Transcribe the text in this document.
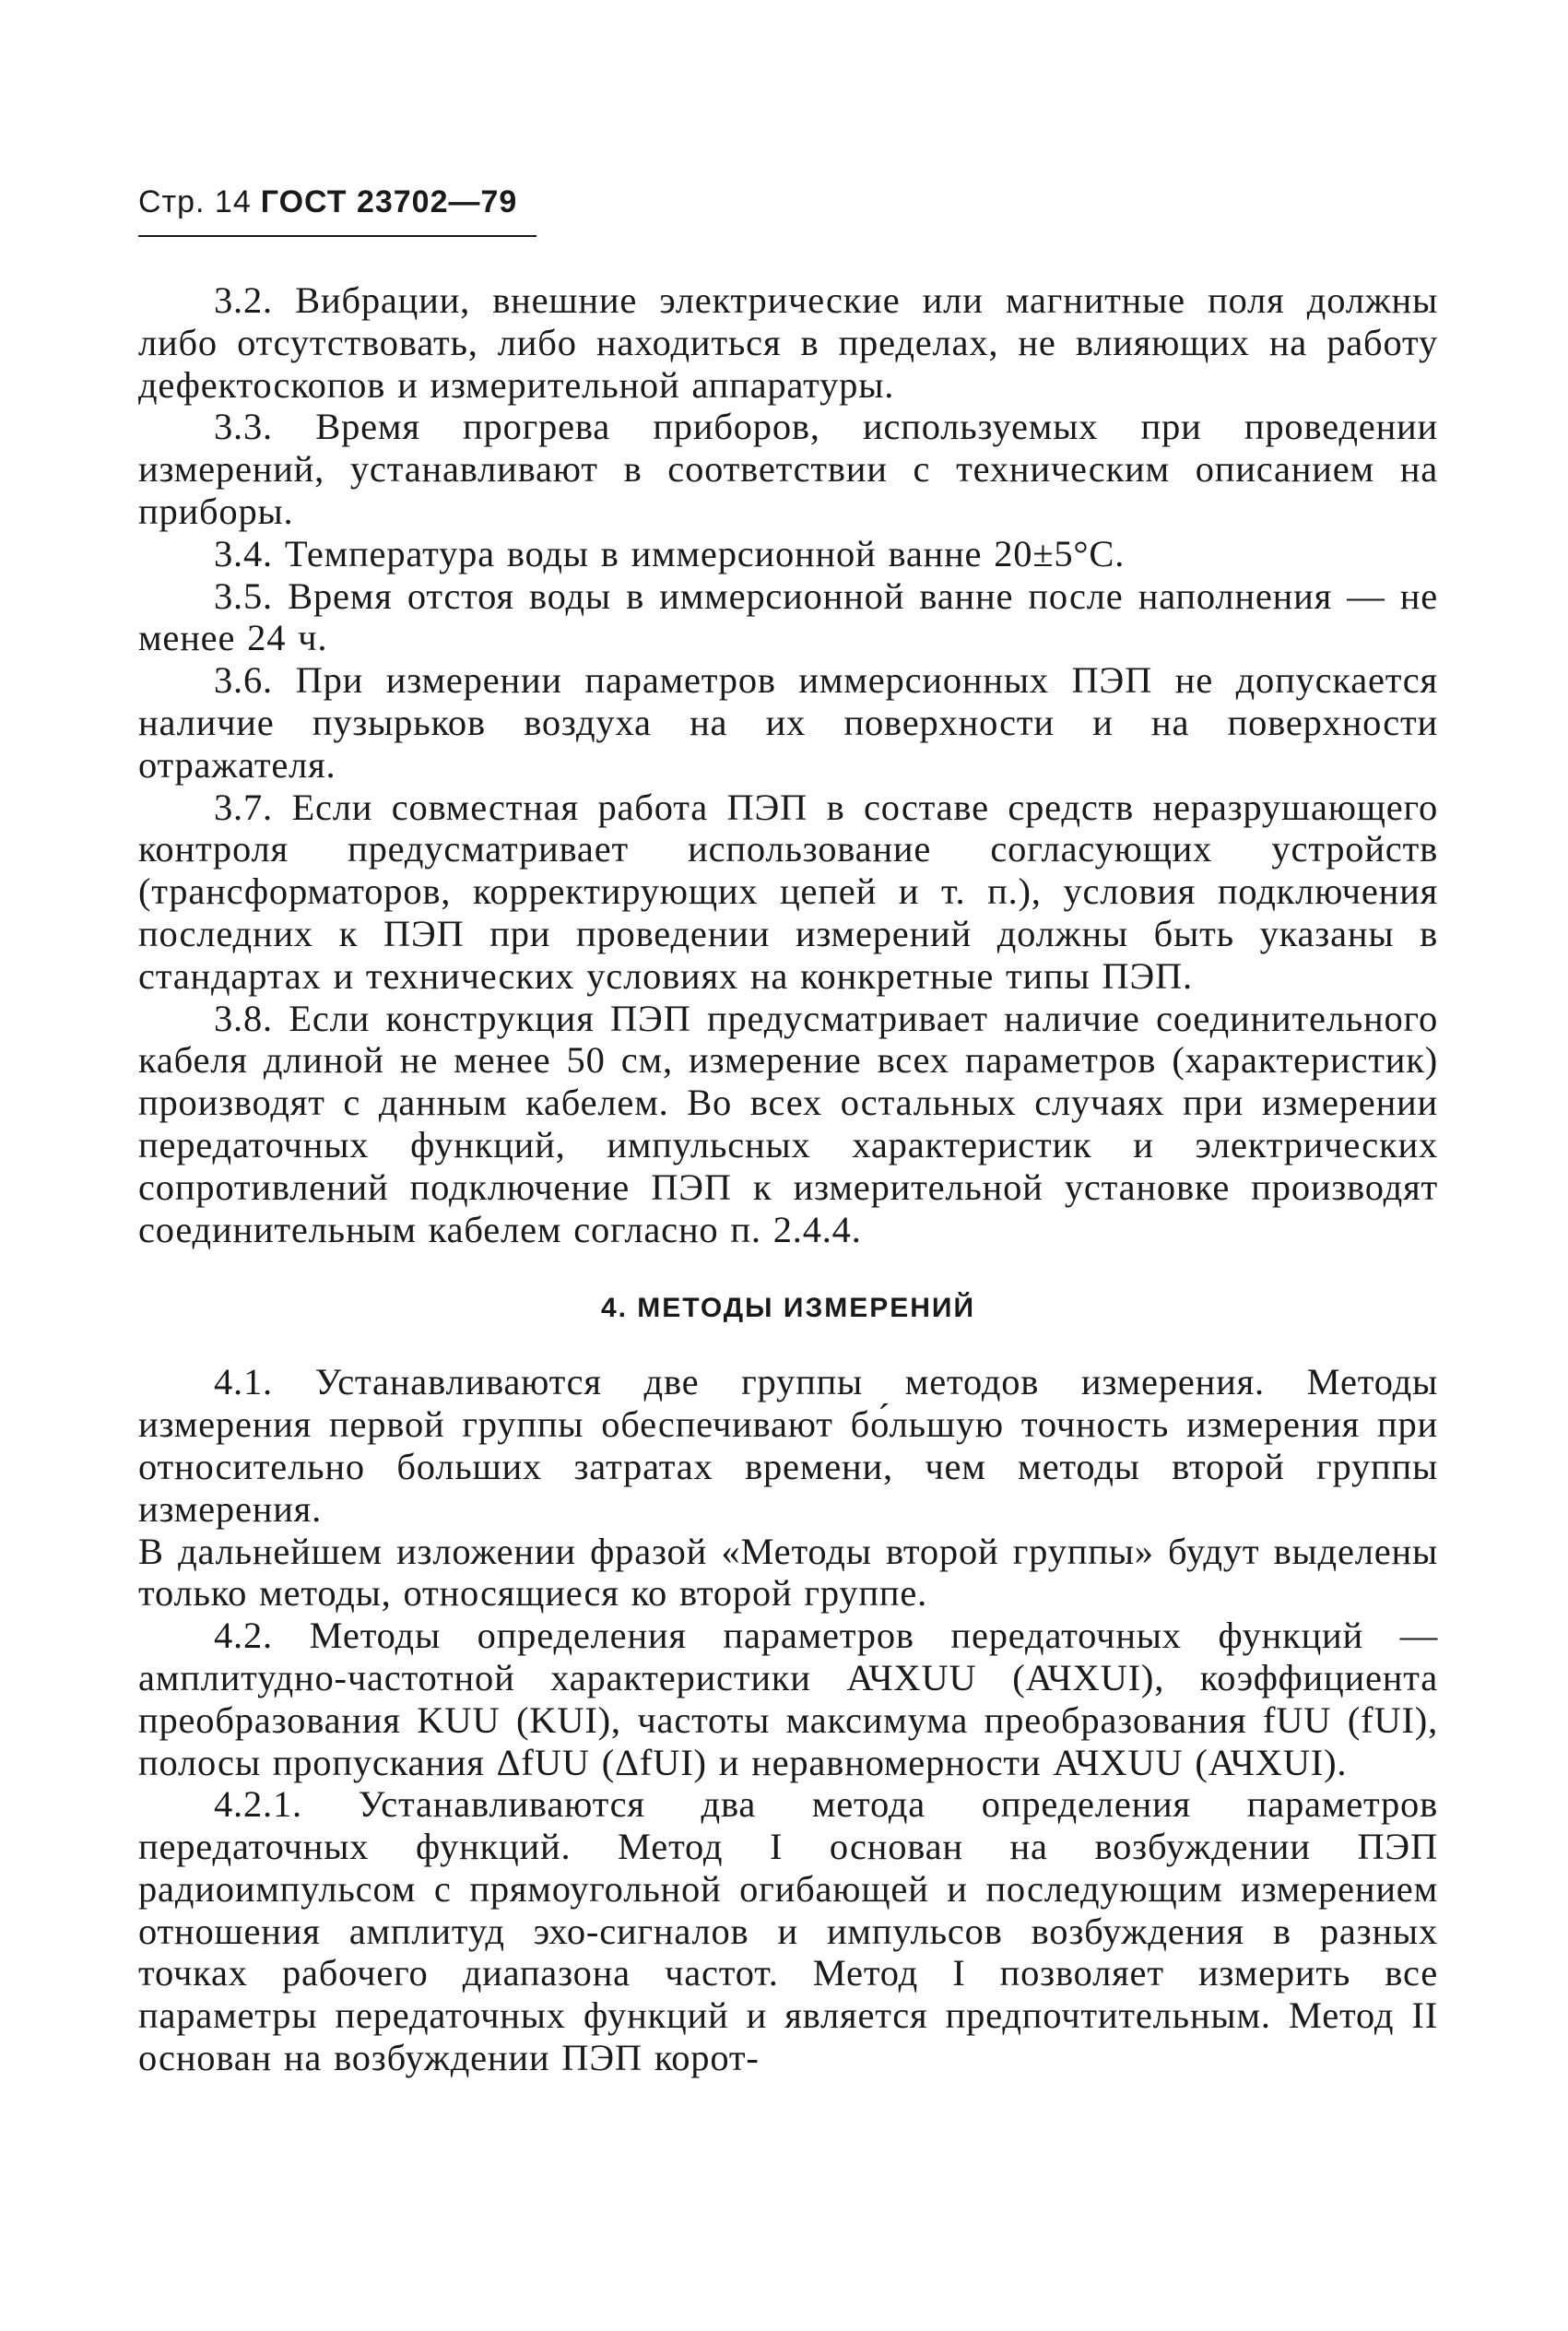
Стр. 14 ГОСТ 23702—79

3.2. Вибрации, внешние электрические или магнитные поля должны либо отсутствовать, либо находиться в пределах, не влияющих на работу дефектоскопов и измерительной аппаратуры.

3.3. Время прогрева приборов, используемых при проведении измерений, устанавливают в соответствии с техническим описанием на приборы.

3.4. Температура воды в иммерсионной ванне 20±5°С.

3.5. Время отстоя воды в иммерсионной ванне после наполнения — не менее 24 ч.

3.6. При измерении параметров иммерсионных ПЭП не допускается наличие пузырьков воздуха на их поверхности и на поверхности отражателя.

3.7. Если совместная работа ПЭП в составе средств неразрушающего контроля предусматривает использование согласующих устройств (трансформаторов, корректирующих цепей и т. п.), условия подключения последних к ПЭП при проведении измерений должны быть указаны в стандартах и технических условиях на конкретные типы ПЭП.

3.8. Если конструкция ПЭП предусматривает наличие соединительного кабеля длиной не менее 50 см, измерение всех параметров (характеристик) производят с данным кабелем. Во всех остальных случаях при измерении передаточных функций, импульсных характеристик и электрических сопротивлений подключение ПЭП к измерительной установке производят соединительным кабелем согласно п. 2.4.4.

4. МЕТОДЫ ИЗМЕРЕНИЙ

4.1. Устанавливаются две группы методов измерения. Методы измерения первой группы обеспечивают бо́льшую точность измерения при относительно больших затратах времени, чем методы второй группы измерения.

В дальнейшем изложении фразой «Методы второй группы» будут выделены только методы, относящиеся ко второй группе.

4.2. Методы определения параметров передаточных функций — амплитудно-частотной характеристики АЧХUU (АЧХUI), коэффициента преобразования KUU (KUI), частоты максимума преобразования fUU (fUI), полосы пропускания ΔfUU (ΔfUI) и неравномерности АЧХUU (АЧХUI).

4.2.1. Устанавливаются два метода определения параметров передаточных функций. Метод I основан на возбуждении ПЭП радиоимпульсом с прямоугольной огибающей и последующим измерением отношения амплитуд эхо-сигналов и импульсов возбуждения в разных точках рабочего диапазона частот. Метод I позволяет измерить все параметры передаточных функций и является предпочтительным. Метод II основан на возбуждении ПЭП корот-
